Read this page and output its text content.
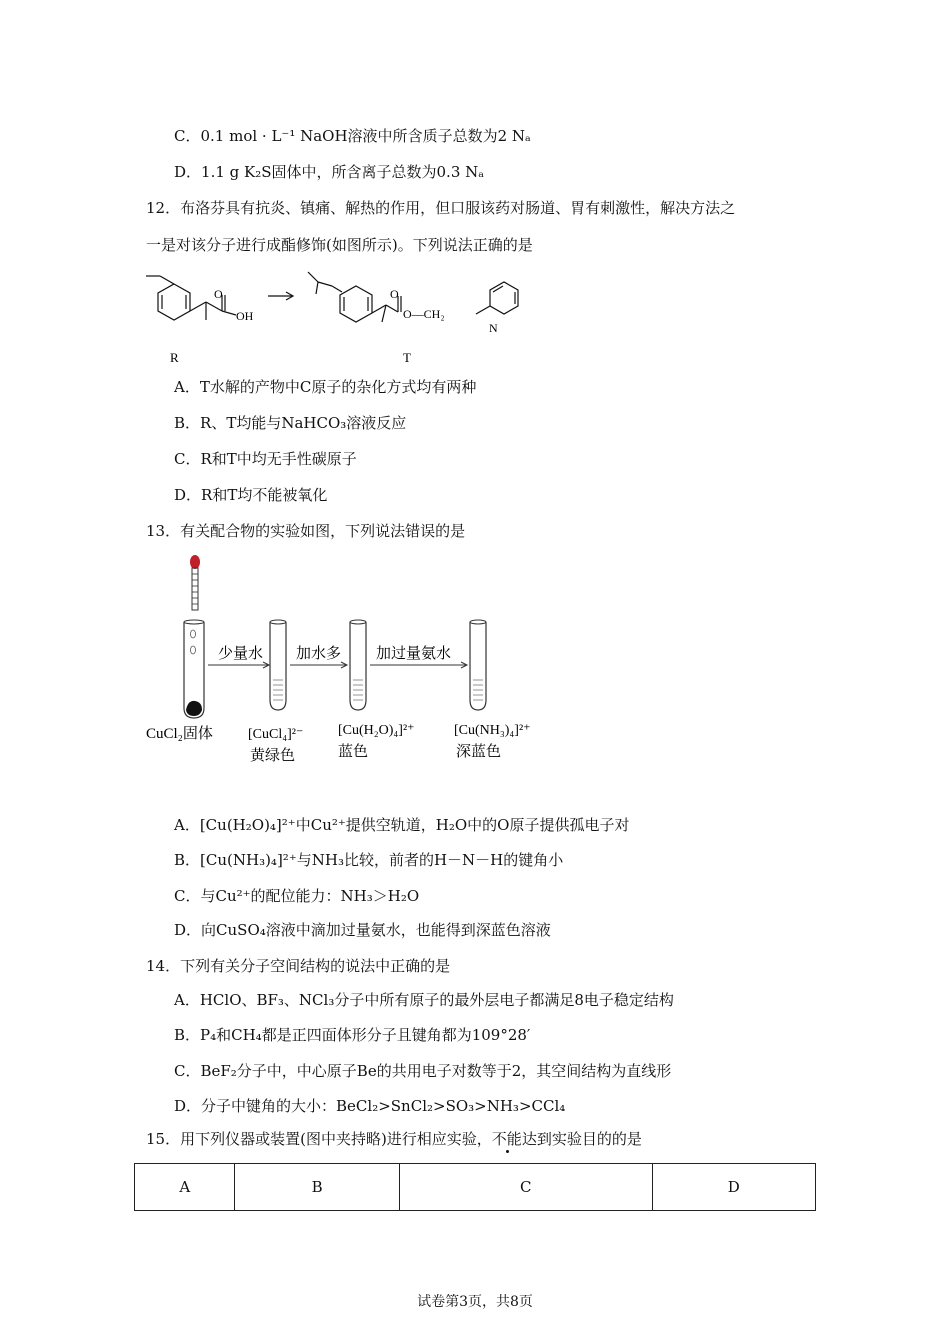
C．0.1 mol · L⁻¹ NaOH溶液中所含质子总数为2 Nₐ
D．1.1 g K₂S固体中，所含离子总数为0.3 Nₐ
12．布洛芬具有抗炎、镇痛、解热的作用，但口服该药对肠道、胃有刺激性，解决方法之
一是对该分子进行成酯修饰(如图所示)。下列说法正确的是
O
OH
O
O—CH₂
N
R	T
A．T水解的产物中C原子的杂化方式均有两种
B．R、T均能与NaHCO₃溶液反应
C．R和T中均无手性碳原子
D．R和T均不能被氧化
13．有关配合物的实验如图，下列说法错误的是
少量水 加水多 加过量氨水
CuCl₂固体	[CuCl₄]²⁻
黄绿色
[Cu(H₂O)₄]²⁺
蓝色
[Cu(NH₃)₄]²⁺
深蓝色
A．[Cu(H₂O)₄]²⁺中Cu²⁺提供空轨道，H₂O中的O原子提供孤电子对
B．[Cu(NH₃)₄]²⁺与NH₃比较，前者的H－N－H的键角小
C．与Cu²⁺的配位能力：NH₃＞H₂O
D．向CuSO₄溶液中滴加过量氨水，也能得到深蓝色溶液
14．下列有关分子空间结构的说法中正确的是
A．HClO、BF₃、NCl₃分子中所有原子的最外层电子都满足8电子稳定结构
B．P₄和CH₄都是正四面体形分子且键角都为109°28′
C．BeF₂分子中，中心原子Be的共用电子对数等于2，其空间结构为直线形
D．分子中键角的大小：BeCl₂>SnCl₂>SO₃>NH₃>CCl₄
15．用下列仪器或装置(图中夹持略)进行相应实验，不能达到实验目的的是
A	B	C	D
试卷第3页，共8页
